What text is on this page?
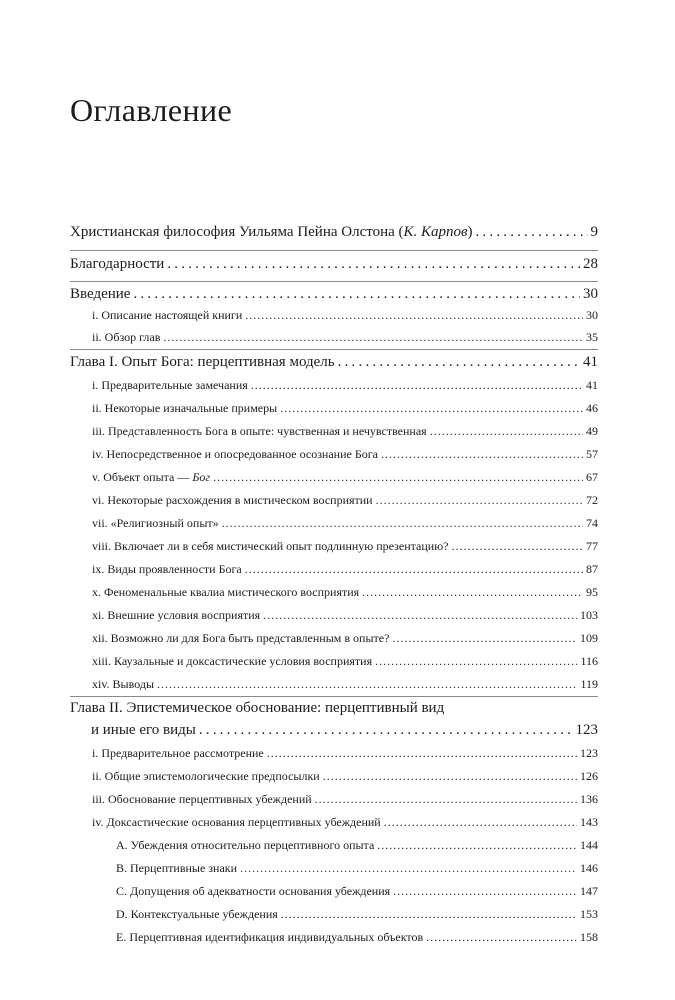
Оглавление
Христианская философия Уильяма Пейна Олстона (К. Карпов) .....	9
Благодарности .....	28
Введение .....	30
i. Описание настоящей книги .....	30
ii. Обзор глав .....	35
Глава I. Опыт Бога: перцептивная модель .....	41
i. Предварительные замечания .....	41
ii. Некоторые изначальные примеры .....	46
iii. Представленность Бога в опыте: чувственная и нечувственная .....	49
iv. Непосредственное и опосредованное осознание Бога .....	57
v. Объект опыта — Бог .....	67
vi. Некоторые расхождения в мистическом восприятии .....	72
vii. «Религиозный опыт» .....	74
viii. Включает ли в себя мистический опыт подлинную презентацию? .....	77
ix. Виды проявленности Бога .....	87
x. Феноменальные квалиа мистического восприятия .....	95
xi. Внешние условия восприятия .....	103
xii. Возможно ли для Бога быть представленным в опыте? .....	109
xiii. Каузальные и доксастические условия восприятия .....	116
xiv. Выводы .....	119
Глава II. Эпистемическое обоснование: перцептивный вид
и иные его виды .....	123
i. Предварительное рассмотрение .....	123
ii. Общие эпистемологические предпосылки .....	126
iii. Обоснование перцептивных убеждений .....	136
iv. Доксастические основания перцептивных убеждений .....	143
A. Убеждения относительно перцептивного опыта .....	144
B. Перцептивные знаки .....	146
C. Допущения об адекватности основания убеждения .....	147
D. Контекстуальные убеждения .....	153
E. Перцептивная идентификация индивидуальных объектов .....	158
